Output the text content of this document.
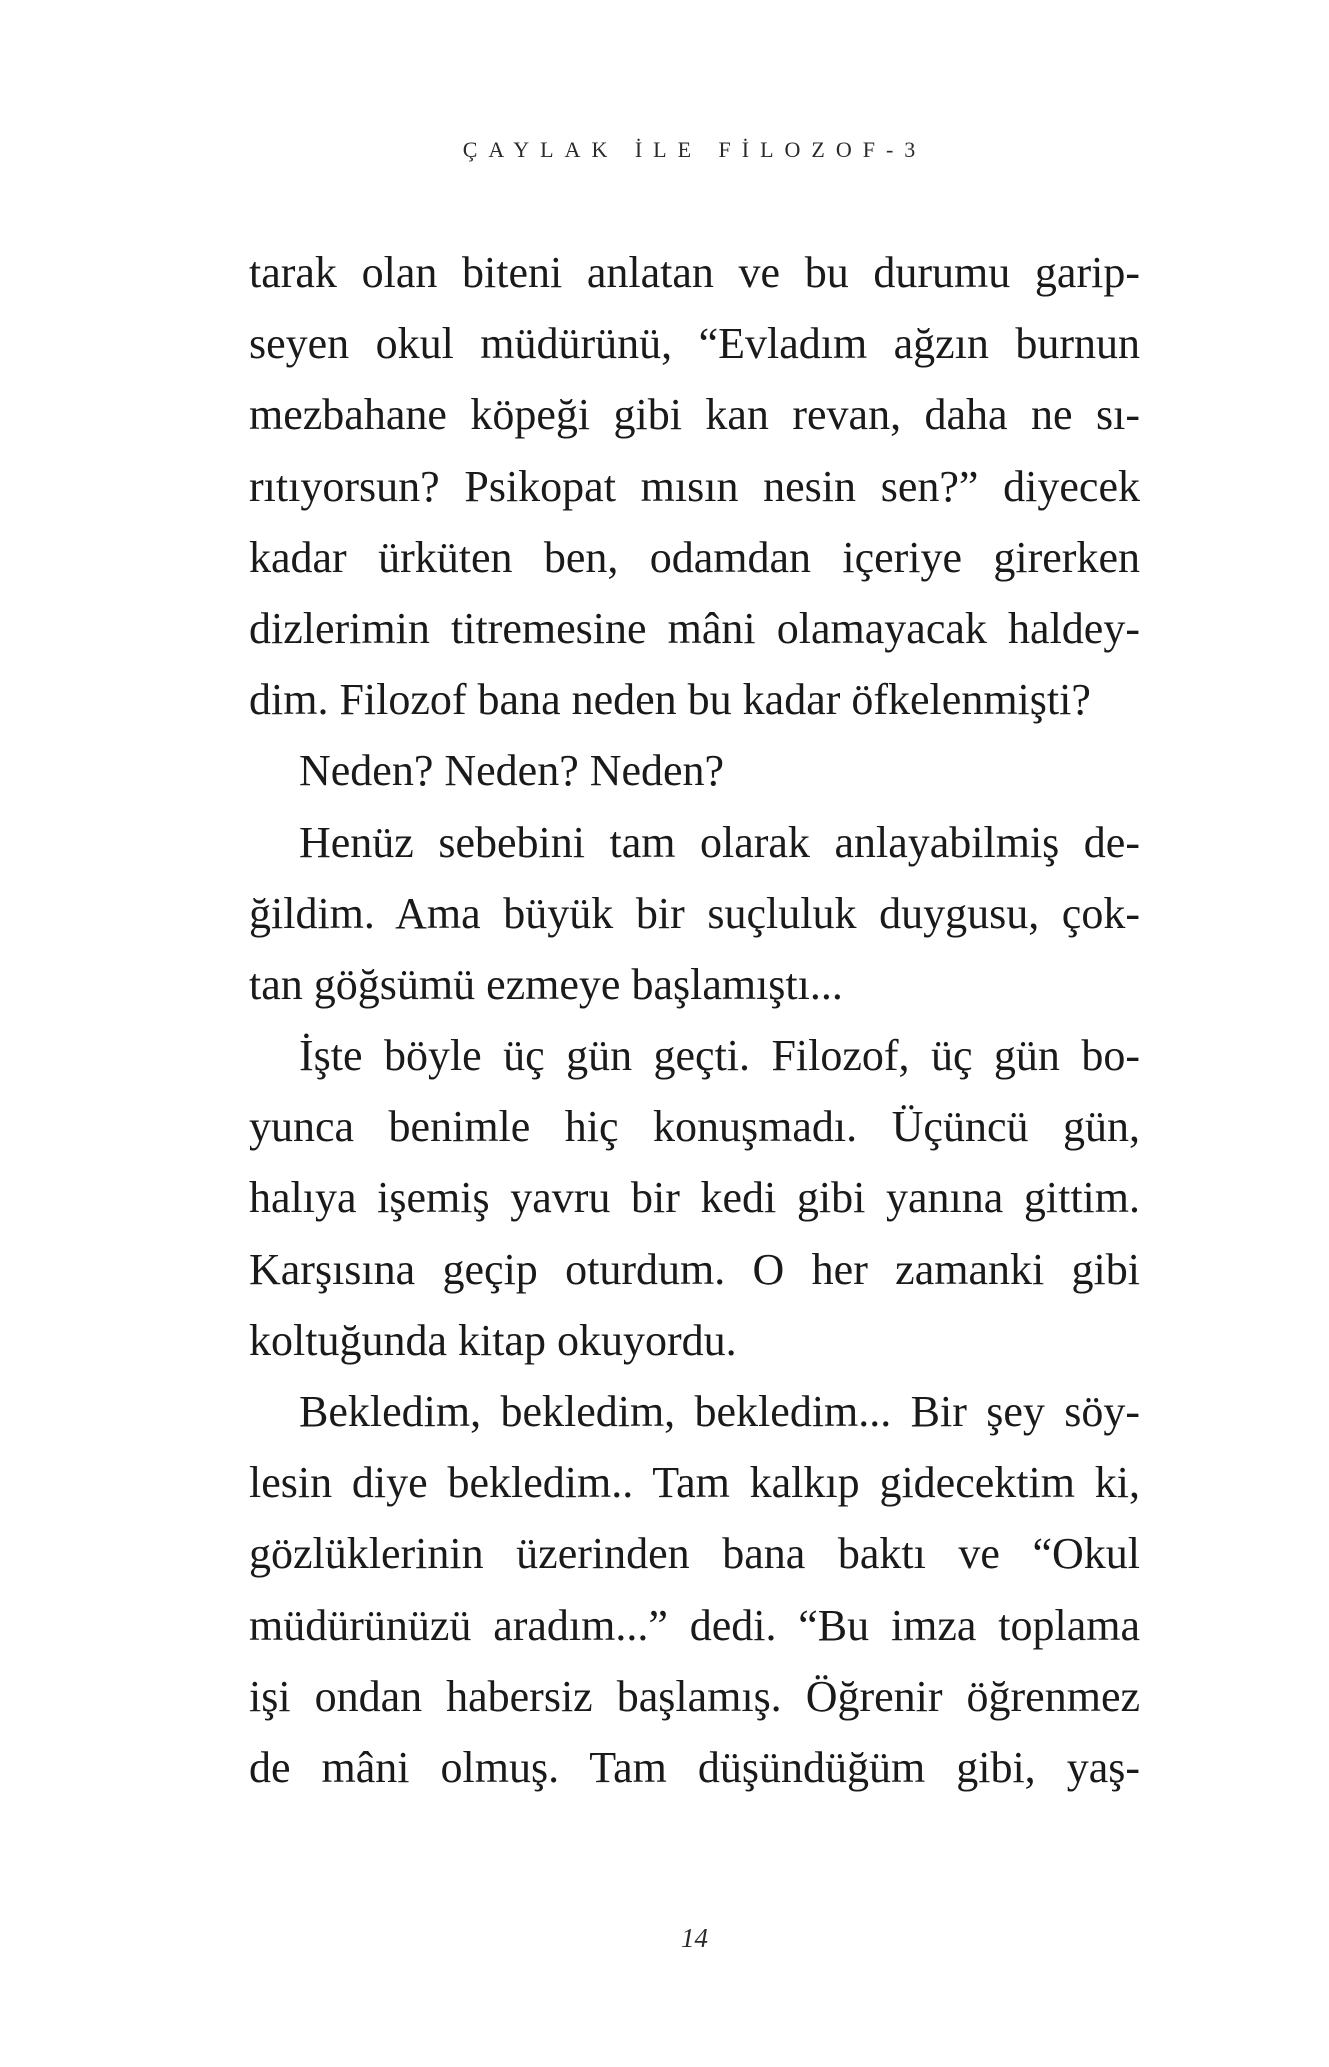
ÇAYLAK İLE FİLOZOF-3
tarak olan biteni anlatan ve bu durumu garip-
seyen okul müdürünü, “Evladım ağzın burnun
mezbahane köpeği gibi kan revan, daha ne sı-
rıtıyorsun? Psikopat mısın nesin sen?” diyecek
kadar ürküten ben, odamdan içeriye girerken
dizlerimin titremesine mâni olamayacak haldey-
dim. Filozof bana neden bu kadar öfkelenmişti?
Neden? Neden? Neden?
Henüz sebebini tam olarak anlayabilmiş de-
ğildim. Ama büyük bir suçluluk duygusu, çok-
tan göğsümü ezmeye başlamıştı...
İşte böyle üç gün geçti. Filozof, üç gün bo-
yunca benimle hiç konuşmadı. Üçüncü gün,
halıya işemiş yavru bir kedi gibi yanına gittim.
Karşısına geçip oturdum. O her zamanki gibi
koltuğunda kitap okuyordu.
Bekledim, bekledim, bekledim... Bir şey söy-
lesin diye bekledim.. Tam kalkıp gidecektim ki,
gözlüklerinin üzerinden bana baktı ve “Okul
müdürünüzü aradım...” dedi. “Bu imza toplama
işi ondan habersiz başlamış. Öğrenir öğrenmez
de mâni olmuş. Tam düşündüğüm gibi, yaş-
14
